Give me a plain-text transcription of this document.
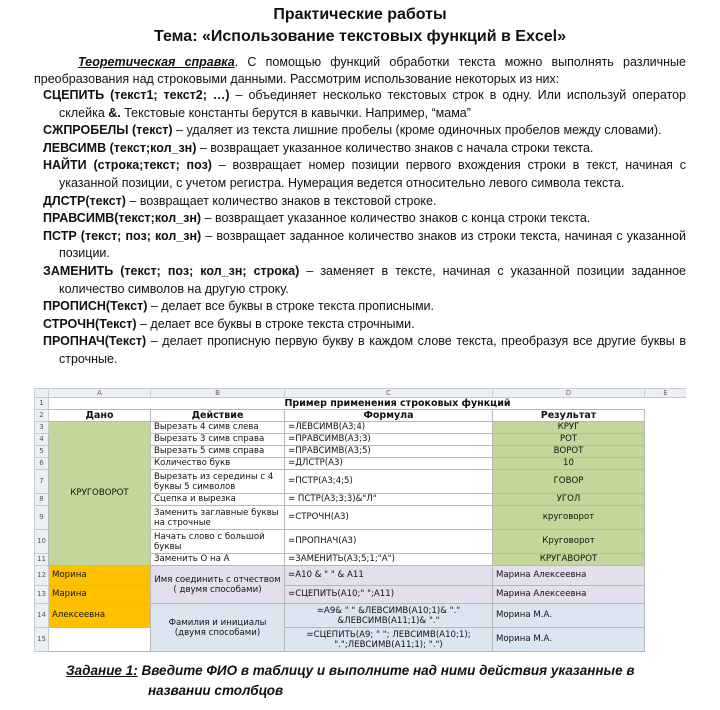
Практические работы
Тема: «Использование текстовых функций в Excel»
Теоретическая справка. С помощью функций обработки текста можно выполнять различные преобразования над строковыми данными. Рассмотрим использование некоторых из них:

СЦЕПИТЬ (текст1; текст2; …) – объединяет несколько текстовых строк в одну. Или используй оператор склейка &. Текстовые константы берутся в кавычки. Например, “мама”

СЖПРОБЕЛЫ (текст) – удаляет из текста лишние пробелы (кроме одиночных пробелов между словами).

ЛЕВСИМВ (текст;кол_зн) – возвращает указанное количество знаков с начала строки текста.

НАЙТИ (строка;текст; поз) – возвращает номер позиции первого вхождения строки в текст, начиная с указанной позиции, с учетом регистра. Нумерация ведется относительно левого символа текста.

ДЛСТР(текст) – возвращает количество знаков в текстовой строке.

ПРАВСИМВ(текст;кол_зн) – возвращает указанное количество знаков с конца строки текста.

ПСТР (текст; поз; кол_зн) – возвращает заданное количество знаков из строки текста, начиная с указанной позиции.

ЗАМЕНИТЬ (текст; поз; кол_зн; строка) – заменяет в тексте, начиная с указанной позиции заданное количество символов на другую строку.

ПРОПИСН(Текст) – делает все буквы в строке текста прописными.

СТРОЧН(Текст) – делает все буквы в строке текста строчными.

ПРОПНАЧ(Текст) – делает прописную первую букву в каждом слове текста, преобразуя все другие буквы в строчные.

	A	B	C	D	E
1		Пример применения строковых функций			
2	Дано	Действие	Формула	Результат	
3	КРУГОВОРОТ	Вырезать 4 симв слева	=ЛЕВСИМВ(A3;4)	КРУГ	
4		Вырезать 3 симв справа	=ПРАВСИМВ(A3;3)	РОТ	
5		Вырезать 5 симв справа	=ПРАВСИМВ(A3;5)	ВОРОТ	
6		Количество букв	=ДЛСТР(A3)	10	
7		Вырезать из середины с 4 буквы 5 символов	=ПСТР(A3;4;5)	ГОВОР	
8		Сцепка и вырезка	= ПСТР(A3;3;3)&"Л"	УГОЛ	
9		Заменить заглавные буквы на строчные	=СТРОЧН(A3)	круговорот	
10		Начать слово с большой буквы	=ПРОПНАЧ(A3)	Круговорот	
11		Заменить О на А	=ЗАМЕНИТЬ(A3;5;1;"А")	КРУГАВОРОТ	
12	Морина	Имя соединить с отчеством ( двумя способами)	=A10 & " " & A11	Марина Алексеевна	
13	Марина		=СЦЕПИТЬ(A10;" ";A11)	Марина Алексеевна	
14	Алексеевна	Фамилия и инициалы (двумя способами)	=A9& " " &ЛЕВСИМВ(A10;1)& "." &ЛЕВСИМВ(A11;1)& "."	Морина М.А.	
15			=СЦЕПИТЬ(A9; " "; ЛЕВСИМВ(A10;1); ".";ЛЕВСИМВ(A11;1); ".")	Морина М.А.	
Задание 1: Введите ФИО в таблицу и выполните над ними действия указанные в
названии столбцов
